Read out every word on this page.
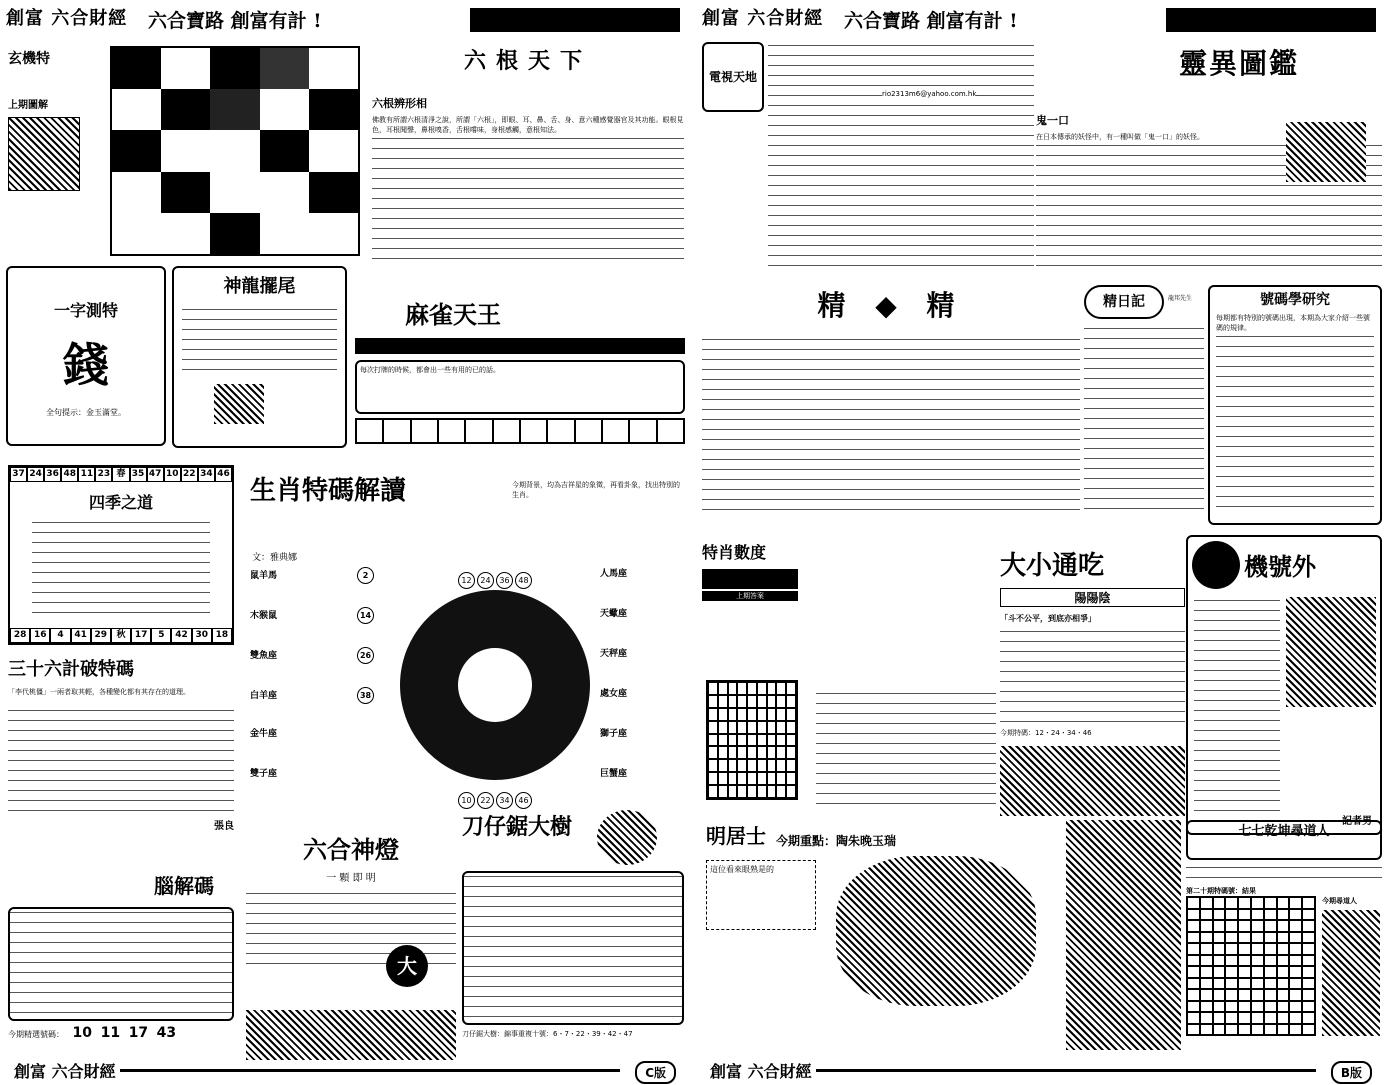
創富 六合財經 六合寶路 創富有計 !
玄機特
上期圖解
六根天下
六根辨形相
佛教有所謂六根清淨之說，所謂「六根」，即眼、耳、鼻、舌、身、意六種感覺器官及其功能。眼根見色，耳根聞聲，鼻根嗅香，舌根嚐味，身根感觸，意根知法。
一字測特
錢
全句提示：金玉滿堂。
神龍擺尾
麻雀天王
每次打牌的時候，都會出一些有用的已的話。
37 24 36 48 11 23 春 35 47 10 22 34 46
四季之道
28 16	4	41 29	秋	17	5	42 30 18
生肖特碼解讀	今期背景，均為吉祥星的象徵，再看卦象，找出特別的生肖。
文：雅典娜
鼠羊馬	2
木猴鼠	14
雙魚座	26
白羊座	38
金牛座
雙子座
人馬座
天蠍座
天秤座
處女座
獅子座
巨蟹座
12 24 36 48
10 22 34 46
三十六計破特碼
「李代桃僵」一兩者取其輕，各種變化都有其存在的道理。
張良
腦解碼
今期精選號碼： 10 11 17 43
六合神燈
一 顆 即 明
大
刀仔鋸大樹
刀仔鋸大樹：錦事重複十號：6・7・22・39・42・47
創富 六合財經	C版
創富 六合財經 六合寶路 創富有計 !
電視天地
rio2313m6@yahoo.com.hk
靈異圖鑑
鬼一口
在日本傳承的妖怪中，有一種叫做「鬼一口」的妖怪。
精 ◆ 精	精日記	龍邦先生	號碼學研究
每期都有特別的號碼出現，本期為大家介紹一些號碼的規律。
特肖數度
上期答案
大小通吃
陽陽陰
「斗不公平，到底亦相爭」
今期特碼：12・24・34・46
機號外
記者男
明居士 今期重點：陶朱晚玉瑞
這位看來眼熟是的
七七乾坤尋道人
第二十期特碼號：結果
今期尋道人
創富 六合財經	B版
